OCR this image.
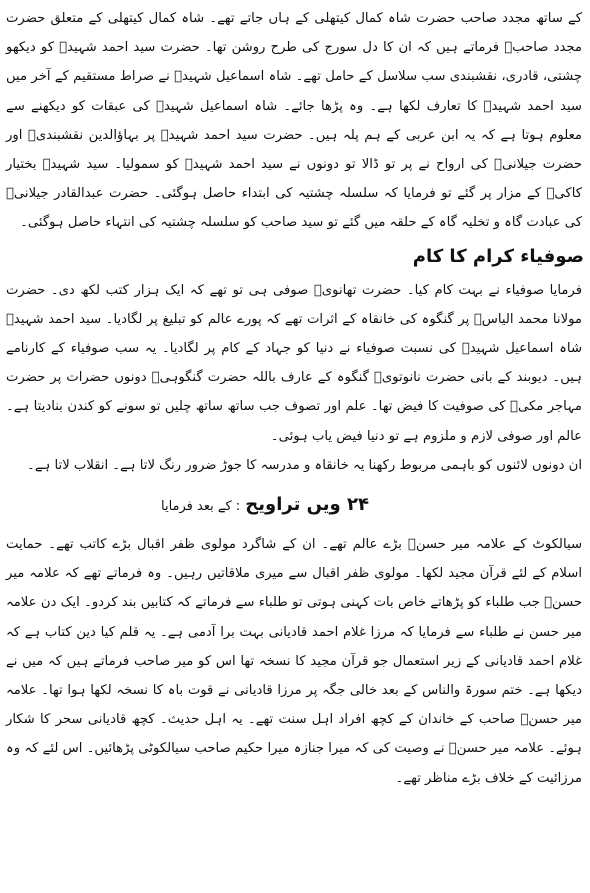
کے ساتھ مجدد صاحب حضرت شاہ کمال کیتھلی کے ہاں جاتے تھے۔ شاہ کمال کیتھلی کے متعلق حضرت مجدد صاحبؒ فرماتے ہیں کہ ان کا دل سورج کی طرح روشن تھا۔ حضرت سید احمد شہیدؒ کو دیکھو چشتی، قادری، نقشبندی سب سلاسل کے حامل تھے۔ شاہ اسماعیل شہیدؒ نے صراط مستقیم کے آخر میں سید احمد شہیدؒ کا تعارف لکھا ہے۔ وہ پڑھا جائے۔ شاہ اسماعیل شہیدؒ کی عبقات کو دیکھنے سے معلوم ہوتا ہے کہ یہ ابن عربی کے ہم پلہ ہیں۔ حضرت سید احمد شہیدؒ پر بہاؤالدین نقشبندیؒ اور حضرت جیلانیؒ کی ارواح نے پر تو ڈالا تو دونوں نے سید احمد شہیدؒ کو سمولیا۔ سید شہیدؒ بختیار کاکیؒ کے مزار پر گئے تو فرمایا کہ سلسلہ چشتیہ کی ابتداء حاصل ہوگئی۔ حضرت عبدالقادر جیلانیؒ کی عبادت گاہ و تخلیہ گاہ کے حلقہ میں گئے تو سید صاحب کو سلسلہ چشتیہ کی انتہاء حاصل ہوگئی۔

صوفیاء کرام کا کام

فرمایا صوفیاء نے بہت کام کیا۔ حضرت تھانویؒ صوفی ہی تو تھے کہ ایک ہزار کتب لکھ دی۔ حضرت مولانا محمد الیاسؒ پر گنگوہ کی خانقاہ کے اثرات تھے کہ پورے عالم کو تبلیغ پر لگادیا۔ سید احمد شہیدؒ شاہ اسماعیل شہیدؒ کی نسبت صوفیاء نے دنیا کو جہاد کے کام پر لگادیا۔ یہ سب صوفیاء کے کارنامے ہیں۔ دیوبند کے بانی حضرت نانوتویؒ گنگوہ کے عارف باللہ حضرت گنگوہیؒ دونوں حضرات پر حضرت مہاجر مکیؒ کی صوفیت کا فیض تھا۔ علم اور تصوف جب ساتھ ساتھ چلیں تو سونے کو کندن بنادیتا ہے۔ عالم اور صوفی لازم و ملزوم ہے تو دنیا فیض یاب ہوئی۔

ان دونوں لائنوں کو باہمی مربوط رکھنا یہ خانقاہ و مدرسہ کا جوڑ ضرور رنگ لاتا ہے۔ انقلاب لاتا ہے۔

۲۴ ویں تراویح : کے بعد فرمایا

سیالکوٹ کے علامہ میر حسنؒ بڑے عالم تھے۔ ان کے شاگرد مولوی ظفر اقبال بڑے کاتب تھے۔ حمایت اسلام کے لئے قرآن مجید لکھا۔ مولوی ظفر اقبال سے میری ملاقاتیں رہیں۔ وہ فرماتے تھے کہ علامہ میر حسنؒ جب طلباء کو پڑھاتے خاص بات کہنی ہوتی تو طلباء سے فرماتے کہ کتابیں بند کردو۔ ایک دن علامہ میر حسن نے طلباء سے فرمایا کہ مرزا غلام احمد قادیانی بہت برا آدمی ہے۔ یہ قلم کیا دین کتاب ہے کہ غلام احمد قادیانی کے زیر استعمال جو قرآن مجید کا نسخہ تھا اس کو میر صاحب فرماتے ہیں کہ میں نے دیکھا ہے۔ ختم سورۃ والناس کے بعد خالی جگہ پر مرزا قادیانی نے قوت باہ کا نسخہ لکھا ہوا تھا۔ علامہ میر حسنؒ صاحب کے خاندان کے کچھ افراد اہل سنت تھے۔ یہ اہل حدیث۔ کچھ قادیانی سحر کا شکار ہوئے۔ علامہ میر حسنؒ نے وصیت کی کہ میرا جنازہ میرا حکیم صاحب سیالکوٹی پڑھائیں۔ اس لئے کہ وہ مرزائیت کے خلاف بڑے مناظر تھے۔
